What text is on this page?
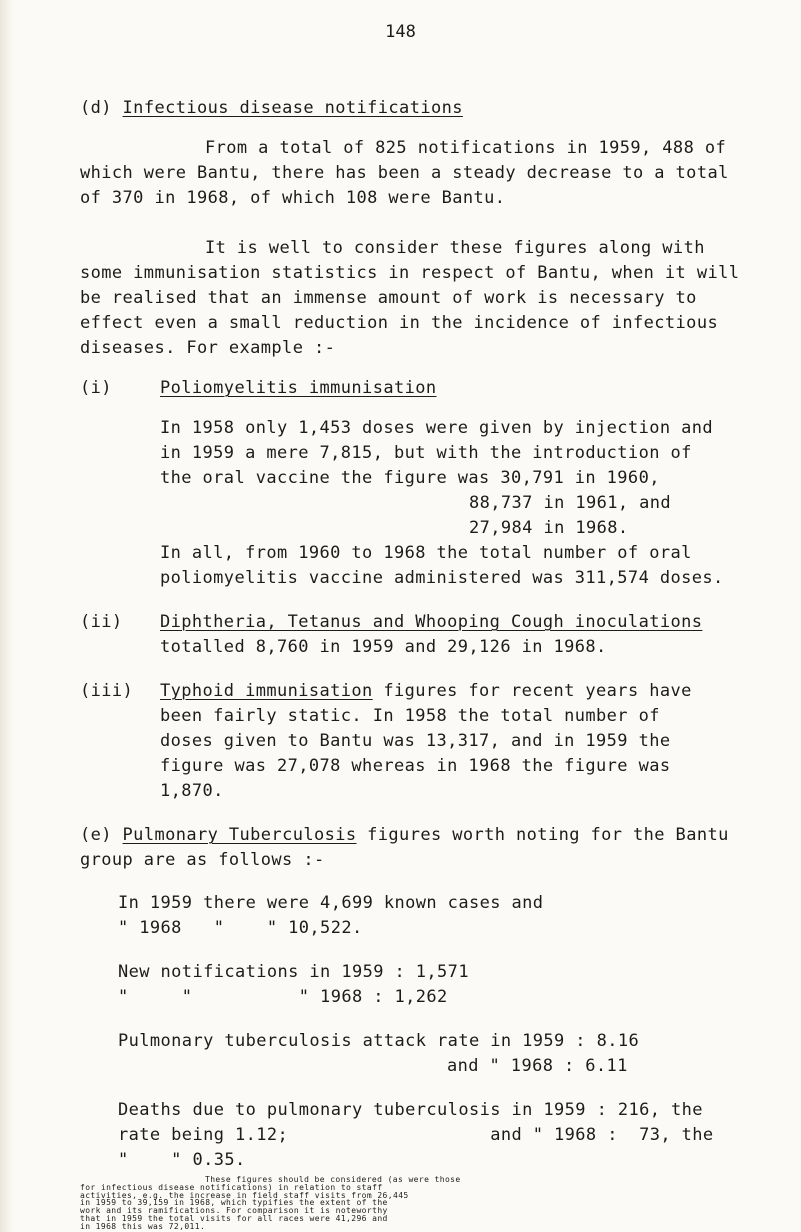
148
(d) Infectious disease notifications
From a total of 825 notifications in 1959, 488 of
which were Bantu, there has been a steady decrease to a total
of 370 in 1968, of which 108 were Bantu.
It is well to consider these figures along with
some immunisation statistics in respect of Bantu, when it will
be realised that an immense amount of work is necessary to
effect even a small reduction in the incidence of infectious
diseases. For example :-
(i)	Poliomyelitis immunisation
In 1958 only 1,453 doses were given by injection and
in 1959 a mere 7,815, but with the introduction of
the oral vaccine the figure was 30,791 in 1960,
88,737 in 1961, and
27,984 in 1968.
In all, from 1960 to 1968 the total number of oral
poliomyelitis vaccine administered was 311,574 doses.
(ii) Diphtheria, Tetanus and Whooping Cough inoculations
totalled 8,760 in 1959 and 29,126 in 1968.
(iii) Typhoid immunisation figures for recent years have
been fairly static. In 1958 the total number of
doses given to Bantu was 13,317, and in 1959 the
figure was 27,078 whereas in 1968 the figure was
1,870.
(e) Pulmonary Tuberculosis figures worth noting for the Bantu
group are as follows :-
In 1959 there were 4,699 known cases and
" 1968   "    " 10,522.
New notifications in 1959 : 1,571
"     "          " 1968 : 1,262
Pulmonary tuberculosis attack rate in 1959 : 8.16
and " 1968 : 6.11
Deaths due to pulmonary tuberculosis in 1959 : 216, the
rate being 1.12;                   and " 1968 :  73, the
"    " 0.35.
These figures should be considered (as were those
for infectious disease notifications) in relation to staff
activities, e.g. the increase in field staff visits from 26,445
in 1959 to 39,159 in 1968, which typifies the extent of the
work and its ramifications. For comparison it is noteworthy
that in 1959 the total visits for all races were 41,296 and
in 1968 this was 72,011.
